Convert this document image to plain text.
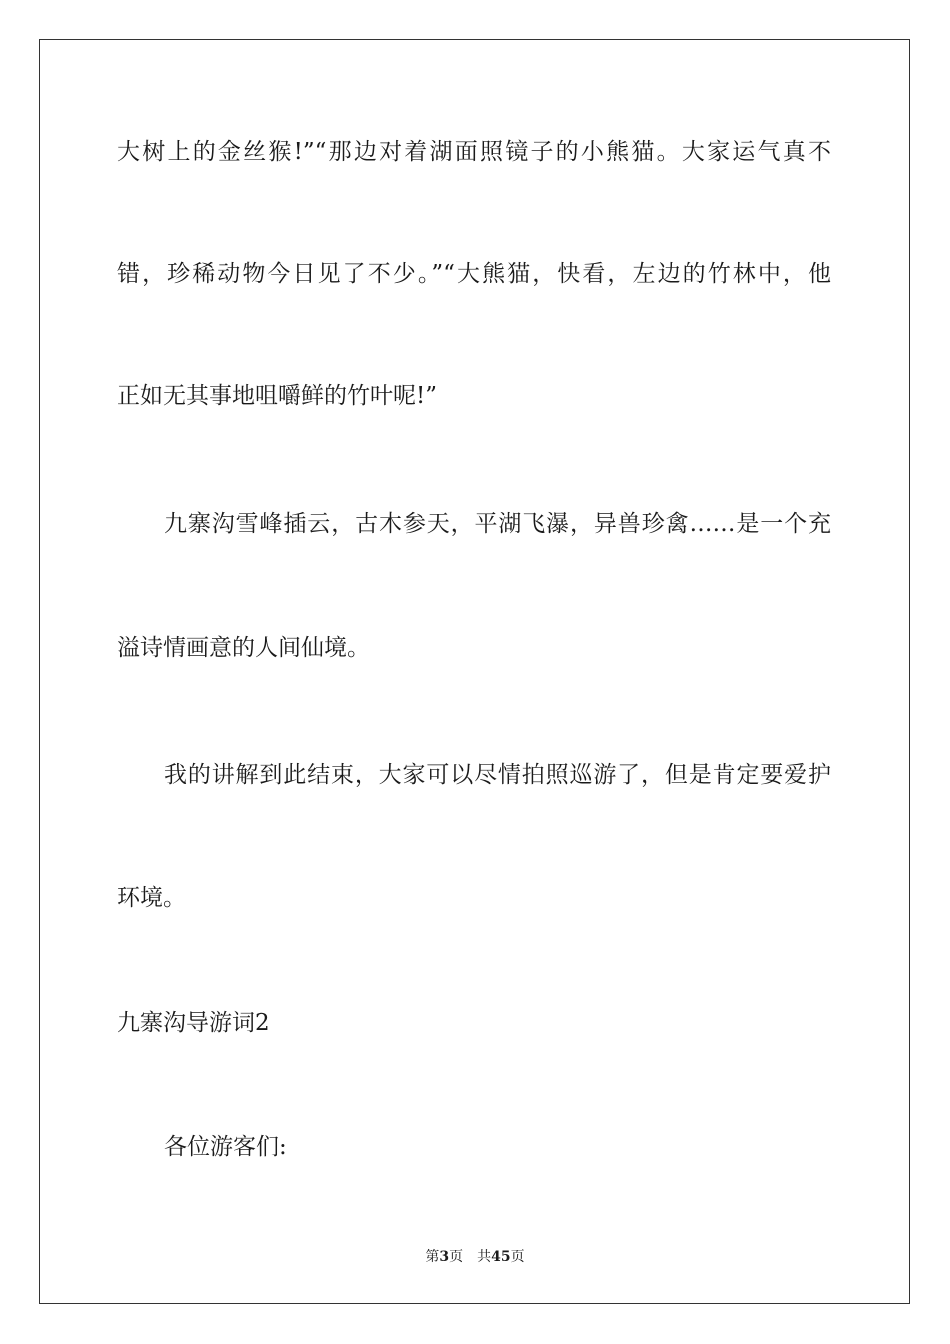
大树上的金丝猴!”“那边对着湖面照镜子的小熊猫。大家运气真不
错，珍稀动物今日见了不少。”“大熊猫，快看，左边的竹林中，他
正如无其事地咀嚼鲜的竹叶呢!”
九寨沟雪峰插云，古木参天，平湖飞瀑，异兽珍禽……是一个充
溢诗情画意的人间仙境。
我的讲解到此结束，大家可以尽情拍照巡游了，但是肯定要爱护
环境。
九寨沟导游词2
各位游客们:
第3页 共45页
